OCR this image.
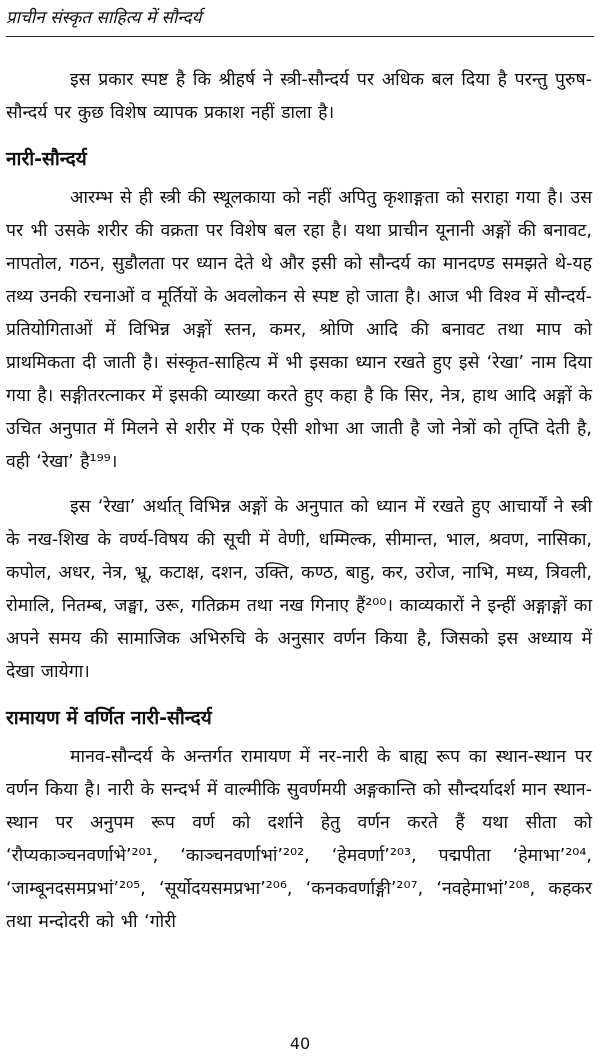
प्राचीन संस्कृत साहित्य में सौन्दर्य

इस प्रकार स्पष्ट है कि श्रीहर्ष ने स्त्री-सौन्दर्य पर अधिक बल दिया है परन्तु पुरुष-सौन्दर्य पर कुछ विशेष व्यापक प्रकाश नहीं डाला है।

नारी-सौन्दर्य

आरम्भ से ही स्त्री की स्थूलकाया को नहीं अपितु कृशाङ्गता को सराहा गया है। उस पर भी उसके शरीर की वक्रता पर विशेष बल रहा है। यथा प्राचीन यूनानी अङ्गों की बनावट, नापतोल, गठन, सुडौलता पर ध्यान देते थे और इसी को सौन्दर्य का मानदण्ड समझते थे-यह तथ्य उनकी रचनाओं व मूर्तियों के अवलोकन से स्पष्ट हो जाता है। आज भी विश्व में सौन्दर्य-प्रतियोगिताओं में विभिन्न अङ्गों स्तन, कमर, श्रोणि आदि की बनावट तथा माप को प्राथमिकता दी जाती है। संस्कृत-साहित्य में भी इसका ध्यान रखते हुए इसे ‘रेखा’ नाम दिया गया है। सङ्गीतरत्नाकर में इसकी व्याख्या करते हुए कहा है कि सिर, नेत्र, हाथ आदि अङ्गों के उचित अनुपात में मिलने से शरीर में एक ऐसी शोभा आ जाती है जो नेत्रों को तृप्ति देती है, वही ‘रेखा’ है¹⁹⁹।

इस ‘रेखा’ अर्थात् विभिन्न अङ्गों के अनुपात को ध्यान में रखते हुए आचार्यों ने स्त्री के नख-शिख के वर्ण्य-विषय की सूची में वेणी, धम्मिल्क, सीमान्त, भाल, श्रवण, नासिका, कपोल, अधर, नेत्र, भ्रू, कटाक्ष, दशन, उक्ति, कण्ठ, बाहु, कर, उरोज, नाभि, मध्य, त्रिवली, रोमालि, नितम्ब, जङ्घा, उरू, गतिक्रम तथा नख गिनाए हैं²⁰⁰। काव्यकारों ने इन्हीं अङ्गाङ्गों का अपने समय की सामाजिक अभिरुचि के अनुसार वर्णन किया है, जिसको इस अध्याय में देखा जायेगा।

रामायण में वर्णित नारी-सौन्दर्य

मानव-सौन्दर्य के अन्तर्गत रामायण में नर-नारी के बाह्य रूप का स्थान-स्थान पर वर्णन किया है। नारी के सन्दर्भ में वाल्मीकि सुवर्णमयी अङ्गकान्ति को सौन्दर्यादर्श मान स्थान-स्थान पर अनुपम रूप वर्ण को दर्शाने हेतु वर्णन करते हैं यथा सीता को ‘रौप्यकाञ्चनवर्णाभे’²⁰¹, ‘काञ्चनवर्णाभां’²⁰², ‘हेमवर्णा’²⁰³, पद्मपीता ‘हेमाभा’²⁰⁴, ‘जाम्बूनदसमप्रभां’²⁰⁵, ‘सूर्योदयसमप्रभा’²⁰⁶, ‘कनकवर्णाङ्गी’²⁰⁷, ‘नवहेमाभां’²⁰⁸, कहकर तथा मन्दोदरी को भी ‘गोरी

40
